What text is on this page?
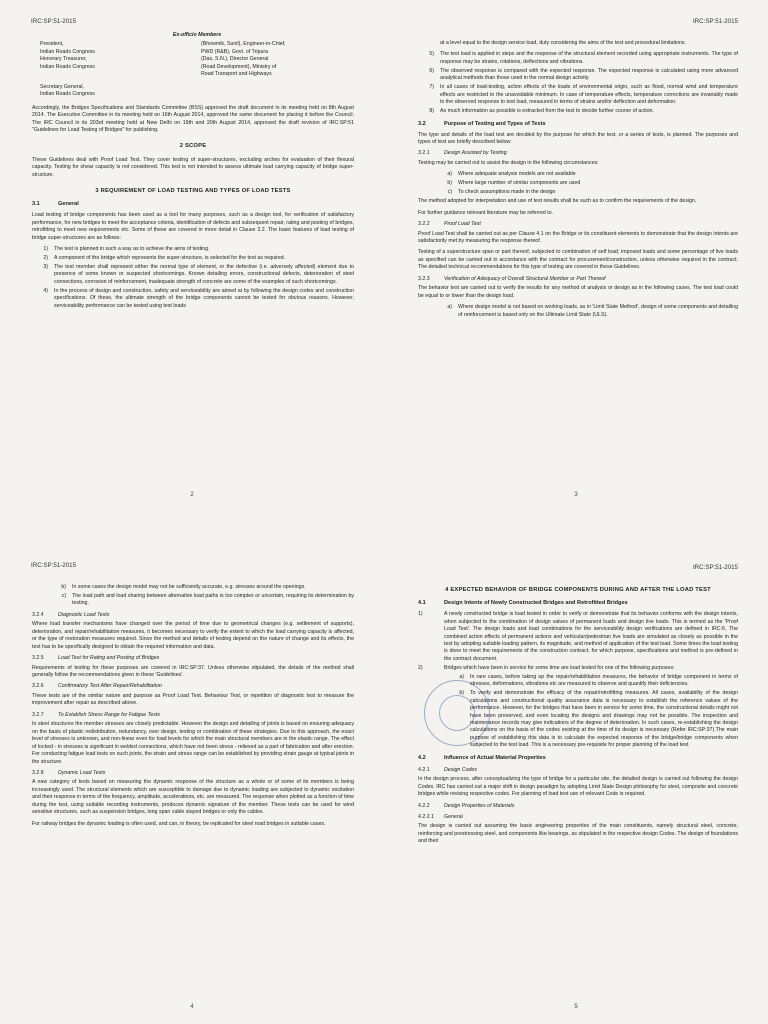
IRC:SP:51-2015
Ex-officio Members
President,	(Bhowmik, Sunil), Engineer-in-Chief,
Indian Roads Congress	PWD (R&B), Govt. of Tripura
Honorary Treasurer,	(Das, S.N.), Director General
Indian Roads Congress	(Road Development), Ministry of
Road Transport and Highways
Secretary General,
Indian Roads Congress

Accordingly, the Bridges Specifications and Standards Committee (BSS) approved the draft document in its meeting held on 8th August 2014. The Executive Committee in its meeting held on 16th August 2014, approved the same document for placing it before the Council. The IRC Council in its 203rd meeting held at New Delhi on 19th and 20th August 2014, approved the draft revision of IRC:SP:51 "Guidelines for Load Testing of Bridges" for publishing.

2 SCOPE

These Guidelines deal with Proof Load Test. They cover testing of super-structures, excluding arches for evaluation of their flexural capacity. Testing for shear capacity is not considered. This test is not intended to assess ultimate load carrying capacity of bridge super-structure.

3 REQUIREMENT OF LOAD TESTING AND TYPES OF LOAD TESTS
3.1	General

Load testing of bridge components has been used as a tool for many purposes, such as a design tool, for verification of satisfactory performance, for new bridges to meet the acceptance criteria, identification of defects and subsequent repair, rating and posting of bridges, retrofitting to meet new requirements etc. Some of these are covered in more detail in Clause 3.2. The basic features of load testing of bridge super-structures are as follows:

1)	The test is planned in such a way as to achieve the aims of testing.
2)	A component of the bridge which represents the super-structure, is selected for the test as required.
3)	The test member shall represent either the normal type of element, or the defective (i.e. adversely affected) element due to presence of some known or suspected shortcomings. Known detailing errors, constructional defects, deterioration of steel connections, corrosion of reinforcement, inadequate strength of concrete are some of the examples of such shortcomings.
4)	In the process of design and construction, safety and serviceability are aimed at by following the design codes and construction specifications. Of these, the ultimate strength of the bridge components cannot be tested for obvious reasons. However, serviceability performance can be tested using test loads
2
IRC:SP:51-2015

at a level equal to the design service load, duty considering the aims of the test and procedural limitations.

5)	The test load is applied in steps and the response of the structural element recorded using appropriate instruments. The type of response may be strains, rotations, deflections and vibrations.
6)	The observed response is compared with the expected response. The expected response is calculated using more advanced analytical methods than those used in the normal design activity.
7)	In all cases of load-testing, action effects of the loads of environmental origin, such as flood, normal wind and temperature effects are restricted to the unavoidable minimum. In case of temperature effects, temperature corrections are invariably made to the observed response to test load, measured in terms of strains and/or deflection and deformation.
8)	As much information as possible is extracted from the test to decide further course of action.
3.2	Purpose of Testing and Types of Tests

The type and details of the load test are decided by the purpose for which the test, or a series of tests, is planned. The purposes and types of test are briefly described below:

3.2.1	Design Assisted by Testing

Testing may be carried out to assist the design in the following circumstances:

a)	Where adequate analysis models are not available
b)	Where large number of similar components are used
c)	To check assumptions made in the design

The method adopted for interpretation and use of test results shall be such as to confirm the requirements of the design.

For further guidance relevant literature may be referred to.

3.2.2	Proof Load Test

Proof Load Test shall be carried out as per Clause 4.1 on the Bridge or its constituent elements to demonstrate that the design intents are satisfactorily met by measuring the response thereof.

Testing of a superstructure span or part thereof, subjected to combination of self load, imposed loads and some percentage of live loads as specified can be carried out in accordance with the contract for procurement/construction, unless otherwise required in the contract. The detailed technical recommendations for this type of testing are covered in these Guidelines.

3.2.3	Verification of Adequacy of Overall Structural Member or Part Thereof

The behavior test are carried out to verify the results for any method of analysis or design as in the following cases. The test load could be equal to or lower than the design load.

a)	Where design model is not based on working loads, as in 'Limit State Method', design of some components and detailing of reinforcement is based only on the Ultimate Limit State (ULS).
3
IRC:SP:51-2015
b)	In some cases the design model may not be sufficiently accurate, e.g. stresses around the openings.
c)	The load path and load sharing between alternative load paths is too complex or uncertain, requiring its determination by testing.
3.2.4	Diagnostic Load Tests

Where load transfer mechanisms have changed over the period of time due to geometrical changes (e.g. settlement of supports), deterioration, and repair/rehabilitation measures, it becomes necessary to verify the extent to which the load carrying capacity is affected, or the type of restoration measures required. Since the method and details of testing depend on the nature of change and its effects, the test has to be specifically designed to obtain the required information and data.

3.2.5	Load Test for Rating and Posting of Bridges

Requirements of testing for these purposes are covered in IRC:SP:37. Unless otherwise stipulated, the details of the method shall generally follow the recommendations given in these 'Guidelines'.

3.2.6	Confirmatory Test After Repair/Rehabilitation

These tests are of the similar nature and purpose as Proof Load Test. Behaviour Test, or repetition of diagnostic test to measure the improvement after repair as described above.

3.2.7	To Establish Stress Range for Fatigue Tests

In steel structures the member stresses are closely predictable. However the design and detailing of joints is based on ensuring adequacy on the basis of plastic redistribution, redundancy, over design, testing or combination of these strategies. Due to this approach, the exact level of stresses is unknown, and non-linear even for load levels for which the main structural members are in the elastic range. The effect of locked - in stresses is significant in welded connections, which have not been stress - relieved as a part of fabrication and after erection. For conducting fatigue load tests on such joints, the strain and stress range can be established by providing strain gauge at typical joints in the structure.

3.2.8	Dynamic Load Tests

A new category of tests based on measuring the dynamic response of the structure as a whole or of some of its members is being increasingly used. The structural elements which are susceptible to damage due to dynamic loading are subjected to dynamic excitation and their response in terms of the frequency, amplitude, accelerations, etc. are measured. The response when plotted as a function of time during the test, using suitable recording instruments, produces dynamic signature of the member. These tests can be used for wind sensitive structures, such as suspension bridges, long span cable stayed bridges or only the cables.

For railway bridges the dynamic loading is often used, and can, in theory, be replicated for steel road bridges in suitable cases.

4
IRC:SP:51-2015
4 EXPECTED BEHAVIOR OF BRIDGE COMPONENTS DURING AND AFTER THE LOAD TEST
4.1	Design Intents of Newly Constructed Bridges and Retrofitted Bridges
1)	A newly constructed bridge is load tested in order to verify or demonstrate that its behavior conforms with the design intents, when subjected to the combination of design values of permanent loads and design live loads. This is termed as the 'Proof Load Test'. The design loads and load combinations for the serviceability design verifications are defined in IRC:6. The combined action effects of permanent actions and vehicular/pedestrian live loads are simulated as closely as possible in the test by adopting suitable loading pattern, its magnitude, and method of application of the test load. Some times the load testing is done to meet the requirements of the construction contract, for which purpose, specifications and method is pre-defined in the contract document.
2)	Bridges which have been in service for some time are load tested for one of the following purposes:
a)	In rare cases, before taking up the repair/rehabilitation measures, the behavior of bridge component in terms of stresses, deformations, vibrations etc are measured to observe and quantify their deficiencies.
b)	To verify and demonstrate the efficacy of the repair/retrofitting measures. All cases, availability of the design calculations and constructional quality assurance data is necessary to establish the reference values of the performance. However, for the bridges that have been in service for some time, the constructional details might not have been preserved, and even locating the designs and drawings may not be possible. The inspection and maintenance records may give indications of the degree of deterioration. In such cases, re-establishing the design calculations on the basis of the codes existing at the time of its design is necessary (Refer IRC:SP:37).The main purpose of establishing this data is to calculate the expected response of the bridge/bridge components when subjected to the test load. This is a necessary pre-requisite for proper planning of the load test.
4.2	Influence of Actual Material Properties
4.2.1	Design Codes

In the design process, after conceptualizing the type of bridge for a particular site, the detailed design is carried out following the design Codes. IRC has carried out a major shift in design paradigm by adopting Limit State Design philosophy for steel, composite and concrete bridges while revising respective codes. For planning of load test use of relevant Code is required.

4.2.2	Design Properties of Materials
4.2.2.1	General

The design is carried out assuming the basic engineering properties of the main constituents, namely structural steel, concrete, reinforcing and prestressing steel, and components like bearings, as stipulated in the respective design Codes. The design of foundations and their

5
